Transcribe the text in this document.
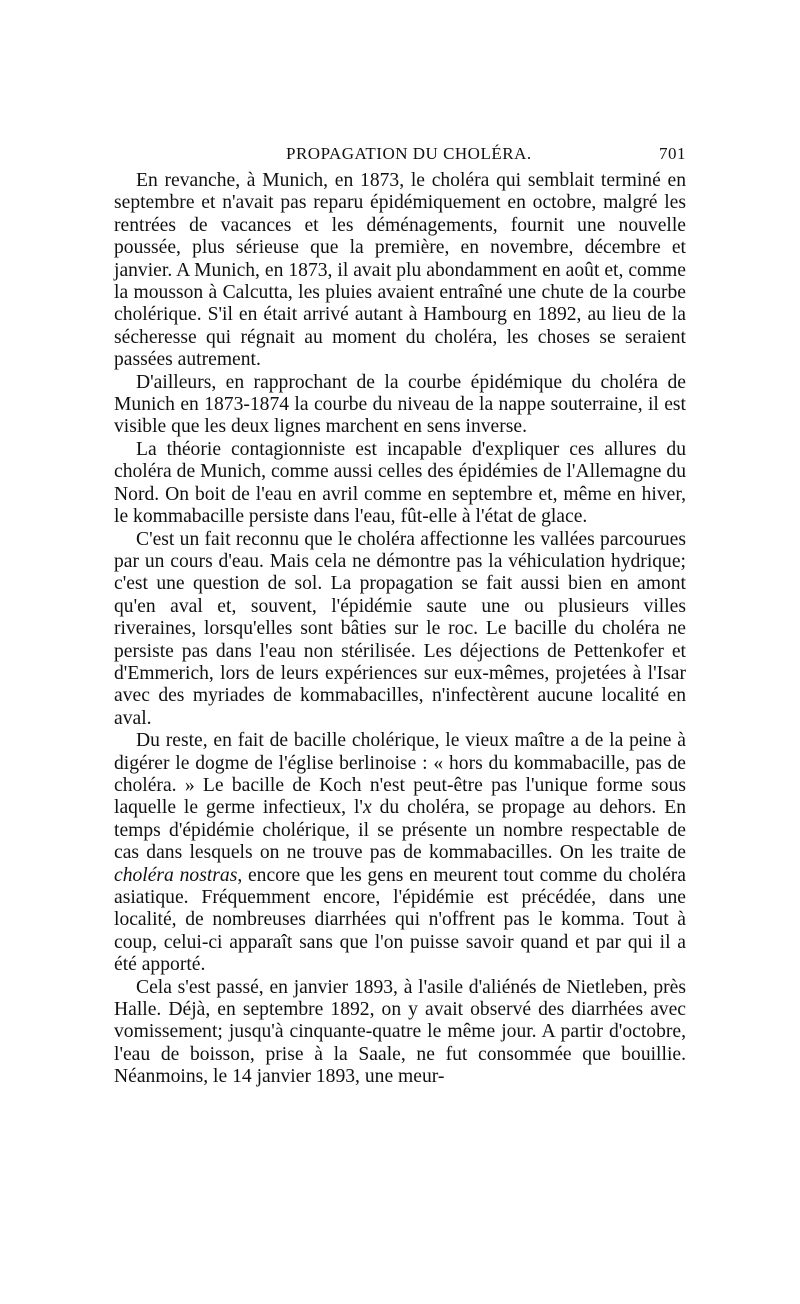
PROPAGATION DU CHOLÉRA.	701

En revanche, à Munich, en 1873, le choléra qui semblait terminé en septembre et n'avait pas reparu épidémiquement en octobre, malgré les rentrées de vacances et les déménagements, fournit une nouvelle poussée, plus sérieuse que la première, en novembre, décembre et janvier. A Munich, en 1873, il avait plu abondamment en août et, comme la mousson à Calcutta, les pluies avaient entraîné une chute de la courbe cholérique. S'il en était arrivé autant à Hambourg en 1892, au lieu de la sécheresse qui régnait au moment du choléra, les choses se seraient passées autrement.

D'ailleurs, en rapprochant de la courbe épidémique du choléra de Munich en 1873-1874 la courbe du niveau de la nappe souterraine, il est visible que les deux lignes marchent en sens inverse.

La théorie contagionniste est incapable d'expliquer ces allures du choléra de Munich, comme aussi celles des épidémies de l'Allemagne du Nord. On boit de l'eau en avril comme en septembre et, même en hiver, le kommabacille persiste dans l'eau, fût-elle à l'état de glace.

C'est un fait reconnu que le choléra affectionne les vallées parcourues par un cours d'eau. Mais cela ne démontre pas la véhiculation hydrique; c'est une question de sol. La propagation se fait aussi bien en amont qu'en aval et, souvent, l'épidémie saute une ou plusieurs villes riveraines, lorsqu'elles sont bâties sur le roc. Le bacille du choléra ne persiste pas dans l'eau non stérilisée. Les déjections de Pettenkofer et d'Emmerich, lors de leurs expériences sur eux-mêmes, projetées à l'Isar avec des myriades de kommabacilles, n'infectèrent aucune localité en aval.

Du reste, en fait de bacille cholérique, le vieux maître a de la peine à digérer le dogme de l'église berlinoise : « hors du kommabacille, pas de choléra. » Le bacille de Koch n'est peut-être pas l'unique forme sous laquelle le germe infectieux, l'x du choléra, se propage au dehors. En temps d'épidémie cholérique, il se présente un nombre respectable de cas dans lesquels on ne trouve pas de kommabacilles. On les traite de choléra nostras, encore que les gens en meurent tout comme du choléra asiatique. Fréquemment encore, l'épidémie est précédée, dans une localité, de nombreuses diarrhées qui n'offrent pas le komma. Tout à coup, celui-ci apparaît sans que l'on puisse savoir quand et par qui il a été apporté.

Cela s'est passé, en janvier 1893, à l'asile d'aliénés de Nietleben, près Halle. Déjà, en septembre 1892, on y avait observé des diarrhées avec vomissement; jusqu'à cinquante-quatre le même jour. A partir d'octobre, l'eau de boisson, prise à la Saale, ne fut consommée que bouillie. Néanmoins, le 14 janvier 1893, une meur-
